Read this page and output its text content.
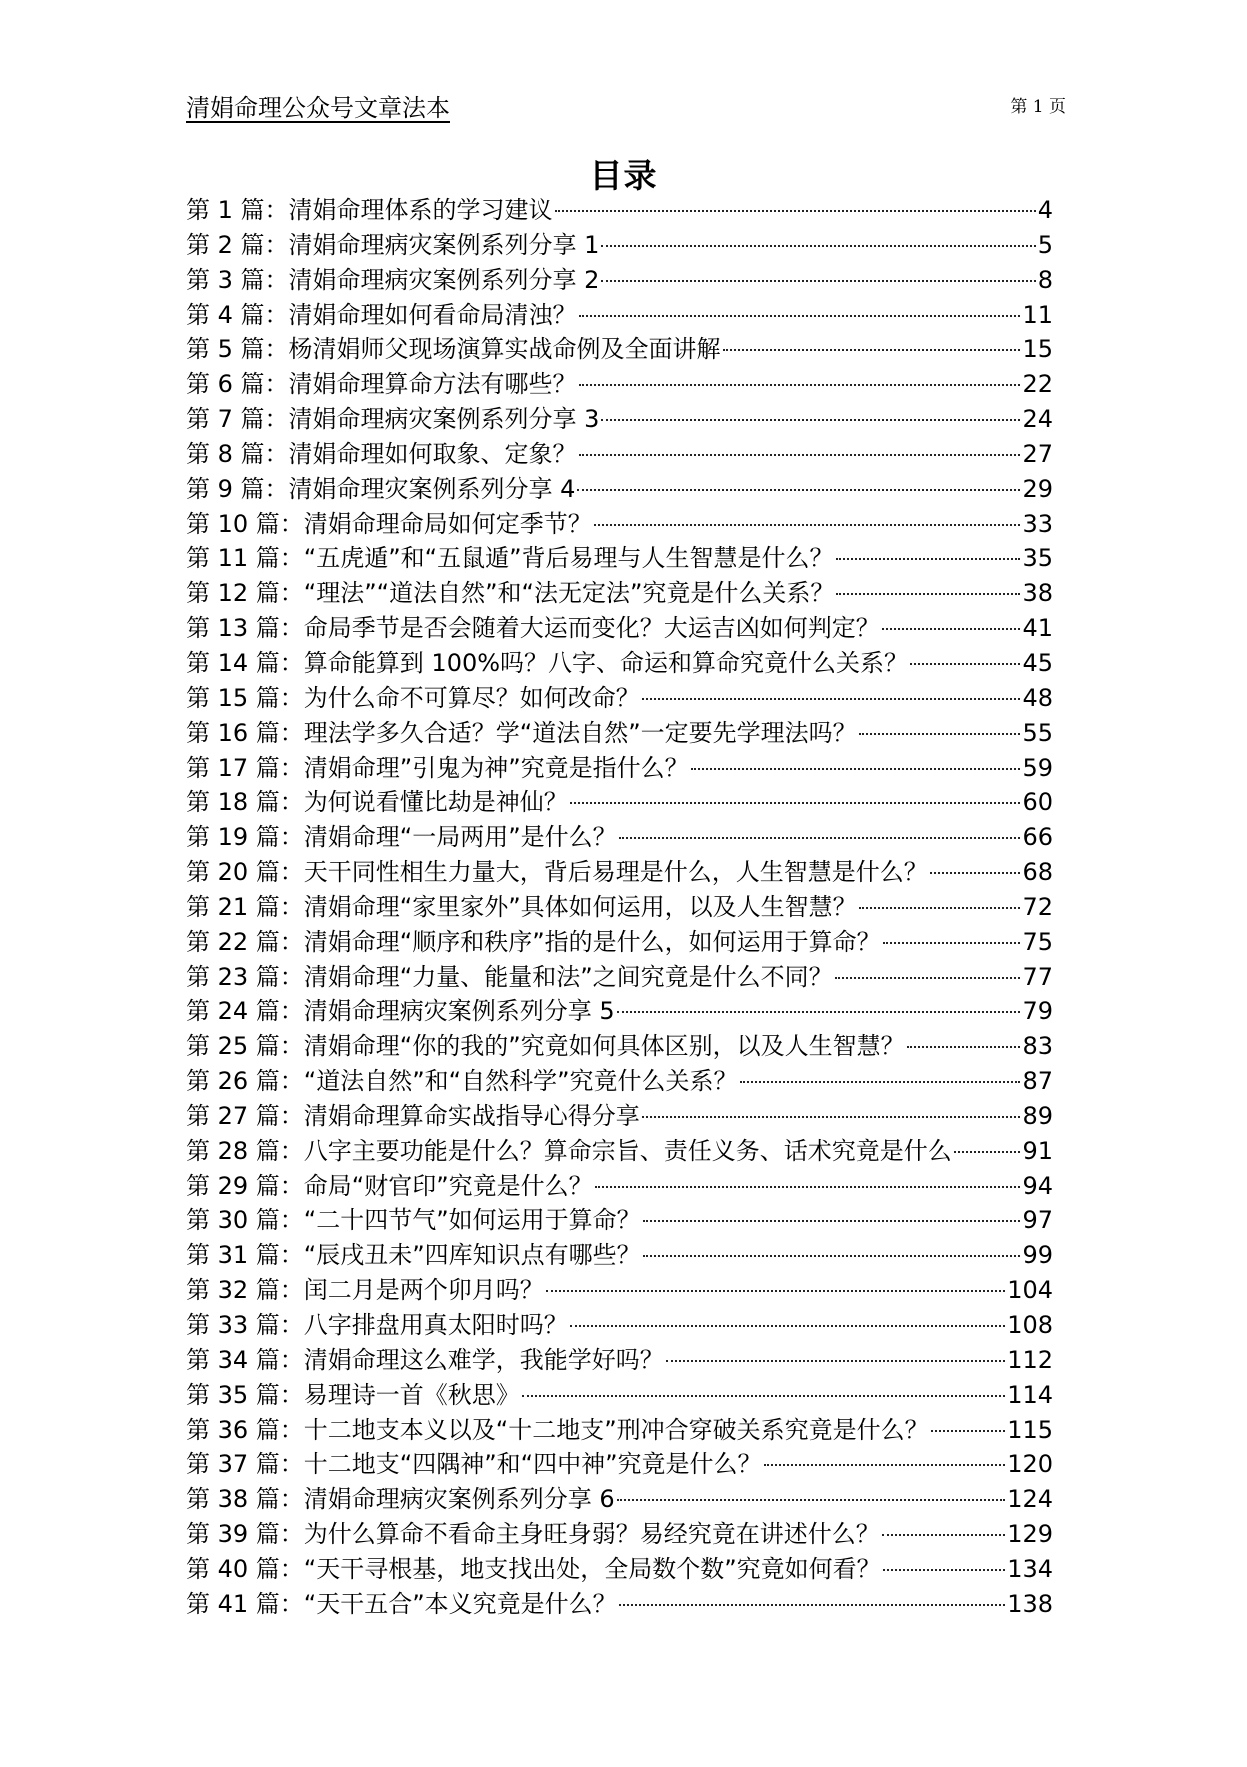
清娟命理公众号文章法本	第 1 页
目录
第 1 篇： 清娟命理体系的学习建议	4
第 2 篇： 清娟命理病灾案例系列分享 1	5
第 3 篇： 清娟命理病灾案例系列分享 2	8
第 4 篇： 清娟命理如何看命局清浊？	11
第 5 篇： 杨清娟师父现场演算实战命例及全面讲解	15
第 6 篇： 清娟命理算命方法有哪些？	22
第 7 篇： 清娟命理病灾案例系列分享 3	24
第 8 篇： 清娟命理如何取象、定象？	27
第 9 篇： 清娟命理灾案例系列分享 4	29
第 10 篇： 清娟命理命局如何定季节？	33
第 11 篇： “五虎遁”和“五鼠遁”背后易理与人生智慧是什么？	35
第 12 篇： “理法”“道法自然”和“法无定法”究竟是什么关系？	38
第 13 篇： 命局季节是否会随着大运而变化？大运吉凶如何判定？	41
第 14 篇： 算命能算到 100%吗？八字、命运和算命究竟什么关系？	45
第 15 篇： 为什么命不可算尽？如何改命？	48
第 16 篇： 理法学多久合适？学“道法自然”一定要先学理法吗？	55
第 17 篇： 清娟命理”引鬼为神”究竟是指什么？	59
第 18 篇： 为何说看懂比劫是神仙？	60
第 19 篇： 清娟命理“一局两用”是什么？	66
第 20 篇： 天干同性相生力量大，背后易理是什么，人生智慧是什么？	68
第 21 篇： 清娟命理“家里家外”具体如何运用，以及人生智慧？	72
第 22 篇： 清娟命理“顺序和秩序”指的是什么，如何运用于算命？	75
第 23 篇： 清娟命理“力量、能量和法”之间究竟是什么不同？	77
第 24 篇： 清娟命理病灾案例系列分享 5	79
第 25 篇： 清娟命理“你的我的”究竟如何具体区别，以及人生智慧？	83
第 26 篇： “道法自然”和“自然科学”究竟什么关系？	87
第 27 篇： 清娟命理算命实战指导心得分享	89
第 28 篇： 八字主要功能是什么？算命宗旨、责任义务、话术究竟是什么	91
第 29 篇： 命局“财官印”究竟是什么？	94
第 30 篇： “二十四节气”如何运用于算命？	97
第 31 篇： “辰戌丑未”四库知识点有哪些？	99
第 32 篇： 闰二月是两个卯月吗？	104
第 33 篇： 八字排盘用真太阳时吗？	108
第 34 篇： 清娟命理这么难学，我能学好吗？	112
第 35 篇： 易理诗一首《秋思》	114
第 36 篇： 十二地支本义以及“十二地支”刑冲合穿破关系究竟是什么？	115
第 37 篇： 十二地支“四隅神”和“四中神”究竟是什么？	120
第 38 篇： 清娟命理病灾案例系列分享 6	124
第 39 篇： 为什么算命不看命主身旺身弱？易经究竟在讲述什么？	129
第 40 篇： “天干寻根基，地支找出处，全局数个数”究竟如何看？	134
第 41 篇： “天干五合”本义究竟是什么？	138
